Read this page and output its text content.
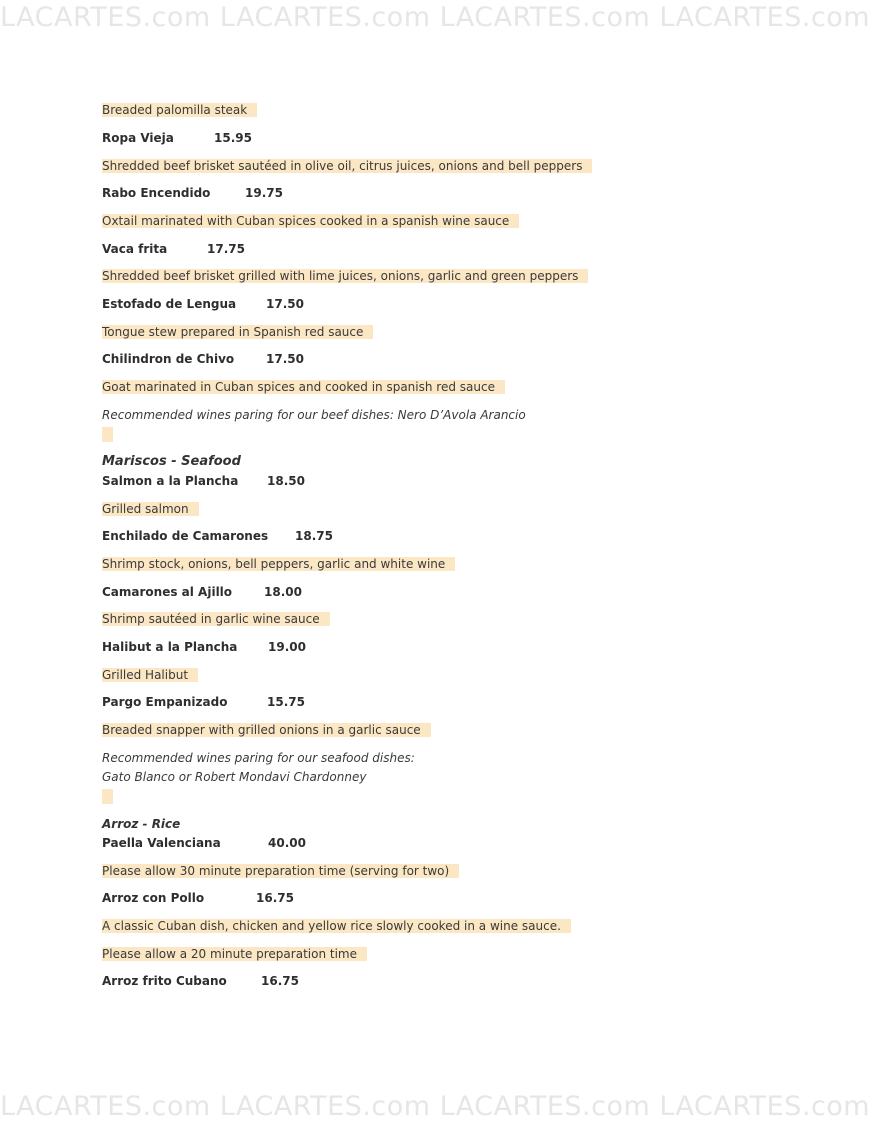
LACARTES.com LACARTES.com LACARTES.com LACARTES.com
Breaded palomilla steak
Ropa Vieja	15.95
Shredded beef brisket sautéed in olive oil, citrus juices, onions and bell peppers
Rabo Encendido	19.75
Oxtail marinated with Cuban spices cooked in a spanish wine sauce
Vaca frita	17.75
Shredded beef brisket grilled with lime juices, onions, garlic and green peppers
Estofado de Lengua 17.50
Tongue stew prepared in Spanish red sauce
Chilindron de Chivo	17.50
Goat marinated in Cuban spices and cooked in spanish red sauce
Recommended wines paring for our beef dishes: Nero D’Avola Arancio
Mariscos - Seafood
Salmon a la Plancha 18.50
Grilled salmon
Enchilado de Camarones 18.75
Shrimp stock, onions, bell peppers, garlic and white wine
Camarones al Ajillo	18.00
Shrimp sautéed in garlic wine sauce
Halibut a la Plancha	19.00
Grilled Halibut
Pargo Empanizado	15.75
Breaded snapper with grilled onions in a garlic sauce
Recommended wines paring for our seafood dishes:
Gato Blanco or Robert Mondavi Chardonney
Arroz - Rice
Paella Valenciana	40.00
Please allow 30 minute preparation time (serving for two)
Arroz con Pollo	16.75
A classic Cuban dish, chicken and yellow rice slowly cooked in a wine sauce.
Please allow a 20 minute preparation time
Arroz frito Cubano	16.75
LACARTES.com LACARTES.com LACARTES.com LACARTES.com
